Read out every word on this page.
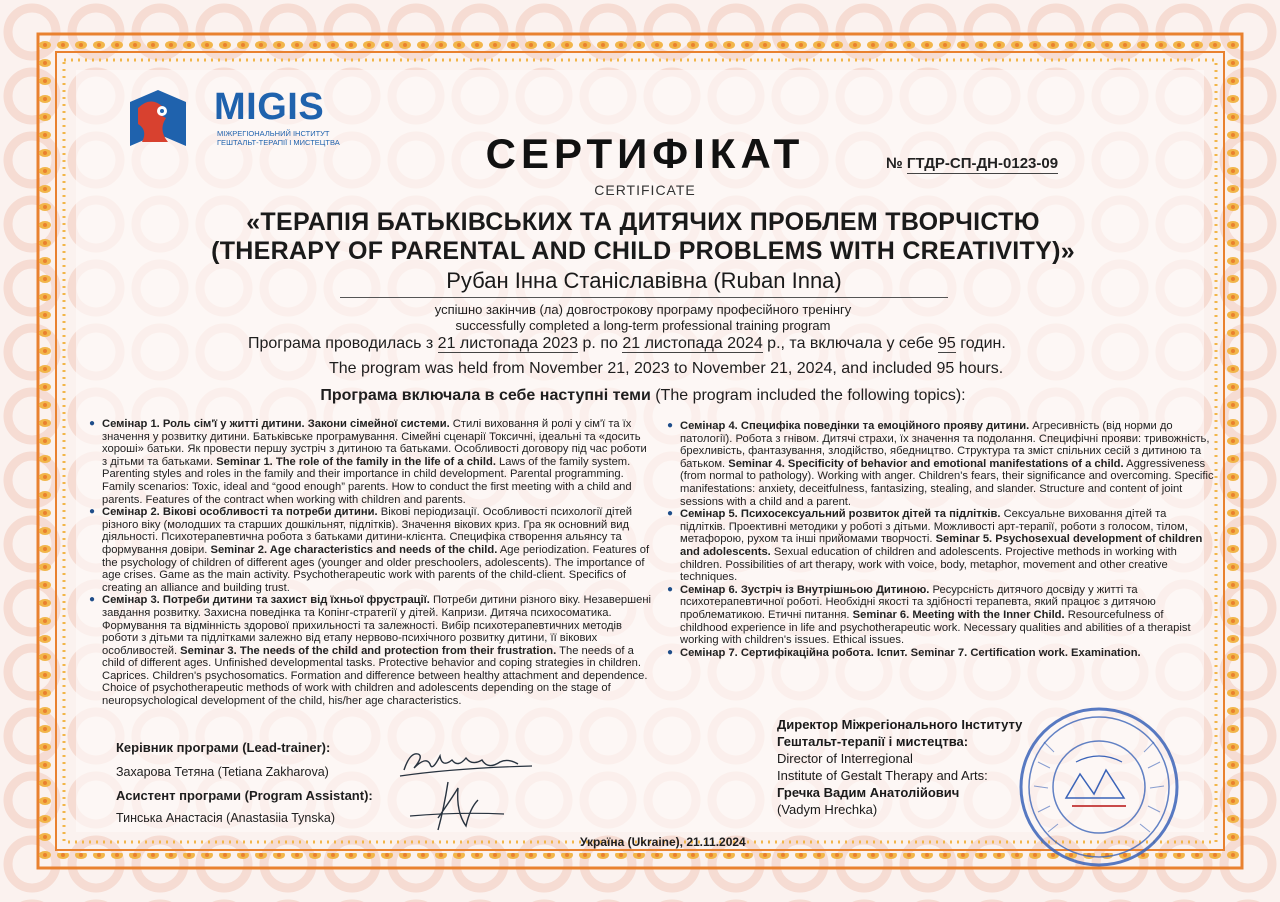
MIGIS
МІЖРЕГІОНАЛЬНИЙ ІНСТИТУТ ГЕШТАЛЬТ-ТЕРАПІЇ І МИСТЕЦТВА	СЕРТИФІКАТ
CERTIFICATE
№ ГТДР-СП-ДН-0123-09
«ТЕРАПІЯ БАТЬКІВСЬКИХ ТА ДИТЯЧИХ ПРОБЛЕМ ТВОРЧІСТЮ
(THERAPY OF PARENTAL AND CHILD PROBLEMS WITH CREATIVITY)»
Рубан Інна Станіславівна (Ruban Inna)
успішно закінчив (ла) довгострокову програму професійного тренінгу
successfully completed a long-term professional training program
Програма проводилась з 21 листопада 2023 р. по 21 листопада 2024 р., та включала у себе 95 годин.
The program was held from November 21, 2023 to November 21, 2024, and included 95 hours.
Програма включала в себе наступні теми (The program included the following topics):
● Семінар 1. Роль сім'ї у житті дитини. Закони сімейної системи. Стилі виховання й ролі у сім'ї та їх значення у розвитку дитини. Батьківське програмування. Сімейні сценарії Токсичні, ідеальні та «досить хороші» батьки. Як провести першу зустріч з дитиною та батьками. Особливості договору під час роботи з дітьми та батьками. Seminar 1. The role of the family in the life of a child. Laws of the family system. Parenting styles and roles in the family and their importance in child development. Parental programming. Family scenarios: Toxic, ideal and “good enough” parents. How to conduct the first meeting with a child and parents. Features of the contract when working with children and parents.
● Семінар 2. Вікові особливості та потреби дитини. Вікові періодизації. Особливості психології дітей різного віку (молодших та старших дошкільнят, підлітків). Значення вікових криз. Гра як основний вид діяльності. Психотерапевтична робота з батьками дитини-клієнта. Специфіка створення альянсу та формування довіри. Seminar 2. Age characteristics and needs of the child. Age periodization. Features of the psychology of children of different ages (younger and older preschoolers, adolescents). The importance of age crises. Game as the main activity. Psychotherapeutic work with parents of the child-client. Specifics of creating an alliance and building trust.
● Семінар 3. Потреби дитини та захист від їхньої фрустрації. Потреби дитини різного віку. Незавершені завдання розвитку. Захисна поведінка та Копінг-стратегії у дітей. Капризи. Дитяча психосоматика. Формування та відмінність здорової прихильності та залежності. Вибір психотерапевтичних методів роботи з дітьми та підлітками залежно від етапу нервово-психічного розвитку дитини, її вікових особливостей. Seminar 3. The needs of the child and protection from their frustration. The needs of a child of different ages. Unfinished developmental tasks. Protective behavior and coping strategies in children. Caprices. Children's psychosomatics. Formation and difference between healthy attachment and dependence. Choice of psychotherapeutic methods of work with children and adolescents depending on the stage of neuropsychological development of the child, his/her age characteristics.
● Семінар 4. Специфіка поведінки та емоційного прояву дитини. Агресивність (від норми до патології). Робота з гнівом. Дитячі страхи, їх значення та подолання. Специфічні прояви: тривожність, брехливість, фантазування, злодійство, ябедництво. Структура та зміст спільних сесій з дитиною та батьком. Seminar 4. Specificity of behavior and emotional manifestations of a child. Aggressiveness (from normal to pathology). Working with anger. Children's fears, their significance and overcoming. Specific manifestations: anxiety, deceitfulness, fantasizing, stealing, and slander. Structure and content of joint sessions with a child and a parent.
● Семінар 5. Психосексуальний розвиток дітей та підлітків. Сексуальне виховання дітей та підлітків. Проективні методики у роботі з дітьми. Можливості арт-терапії, роботи з голосом, тілом, метафорою, рухом та інші прийомами творчості. Seminar 5. Psychosexual development of children and adolescents. Sexual education of children and adolescents. Projective methods in working with children. Possibilities of art therapy, work with voice, body, metaphor, movement and other creative techniques.
● Семінар 6. Зустріч із Внутрішньою Дитиною. Ресурсність дитячого досвіду у житті та психотерапевтичної роботі. Необхідні якості та здібності терапевта, який працює з дитячою проблематикою. Етичні питання. Seminar 6. Meeting with the Inner Child. Resourcefulness of childhood experience in life and psychotherapeutic work. Necessary qualities and abilities of a therapist working with children's issues. Ethical issues.
● Семінар 7. Сертифікаційна робота. Іспит. Seminar 7. Certification work. Examination.
Керівник програми (Lead-trainer):
Захарова Тетяна (Tetiana Zakharova)
Асистент програми (Program Assistant):
Тинська Анастасія (Anastasiia Tynska)
Директор Міжрегіонального Інституту
Гештальт-терапії і мистецтва:
Director of Interregional
Institute of Gestalt Therapy and Arts:
Гречка Вадим Анатолійович
(Vadym Hrechka)
Україна (Ukraine), 21.11.2024
